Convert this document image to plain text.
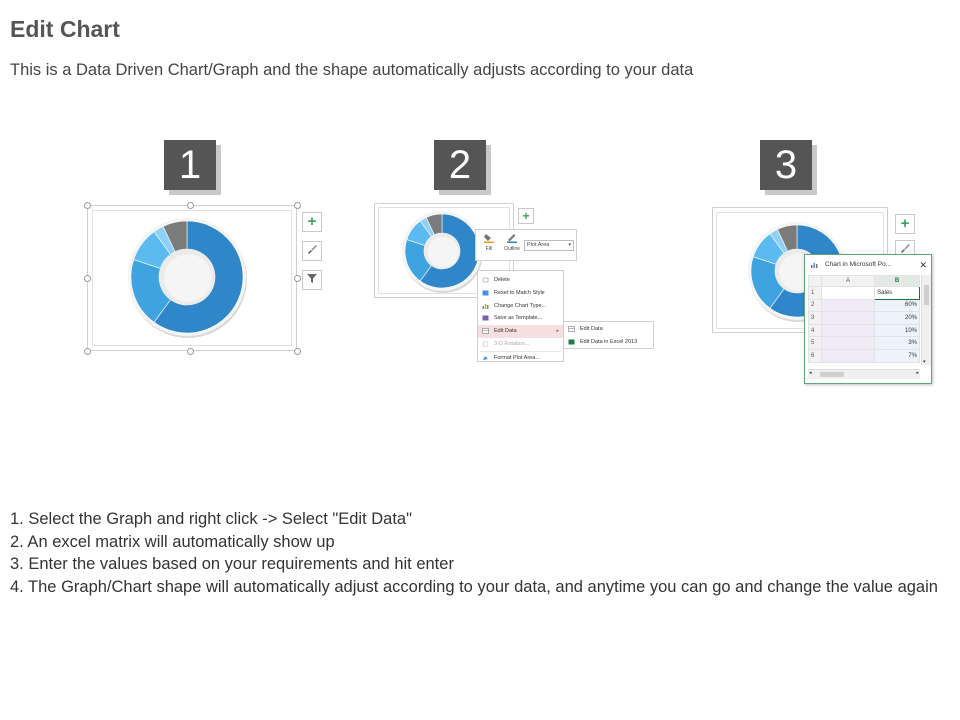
Edit Chart
This is a Data Driven Chart/Graph and the shape automatically adjusts according to your data
1	2	3
+	+
Fill	Outline
Plot Area	▾
Delete
Reset to Match Style
Change Chart Type...
Save as Template...
Edit Data	▸
3-D Rotation...
Format Plot Area...
Edit Data
Edit Data in Excel 2013
+
Chart in Microsoft Po...	✕
	A	B
1		Sales
2		60%
3		20%
4		10%
5		3%
6		7%
▾
◂	▸
1. Select the Graph and right click -> Select "Edit Data"
2. An excel matrix will automatically show up
3. Enter the values based on your requirements and hit enter
4. The Graph/Chart shape will automatically adjust according to your data, and anytime you can go and change the value again
